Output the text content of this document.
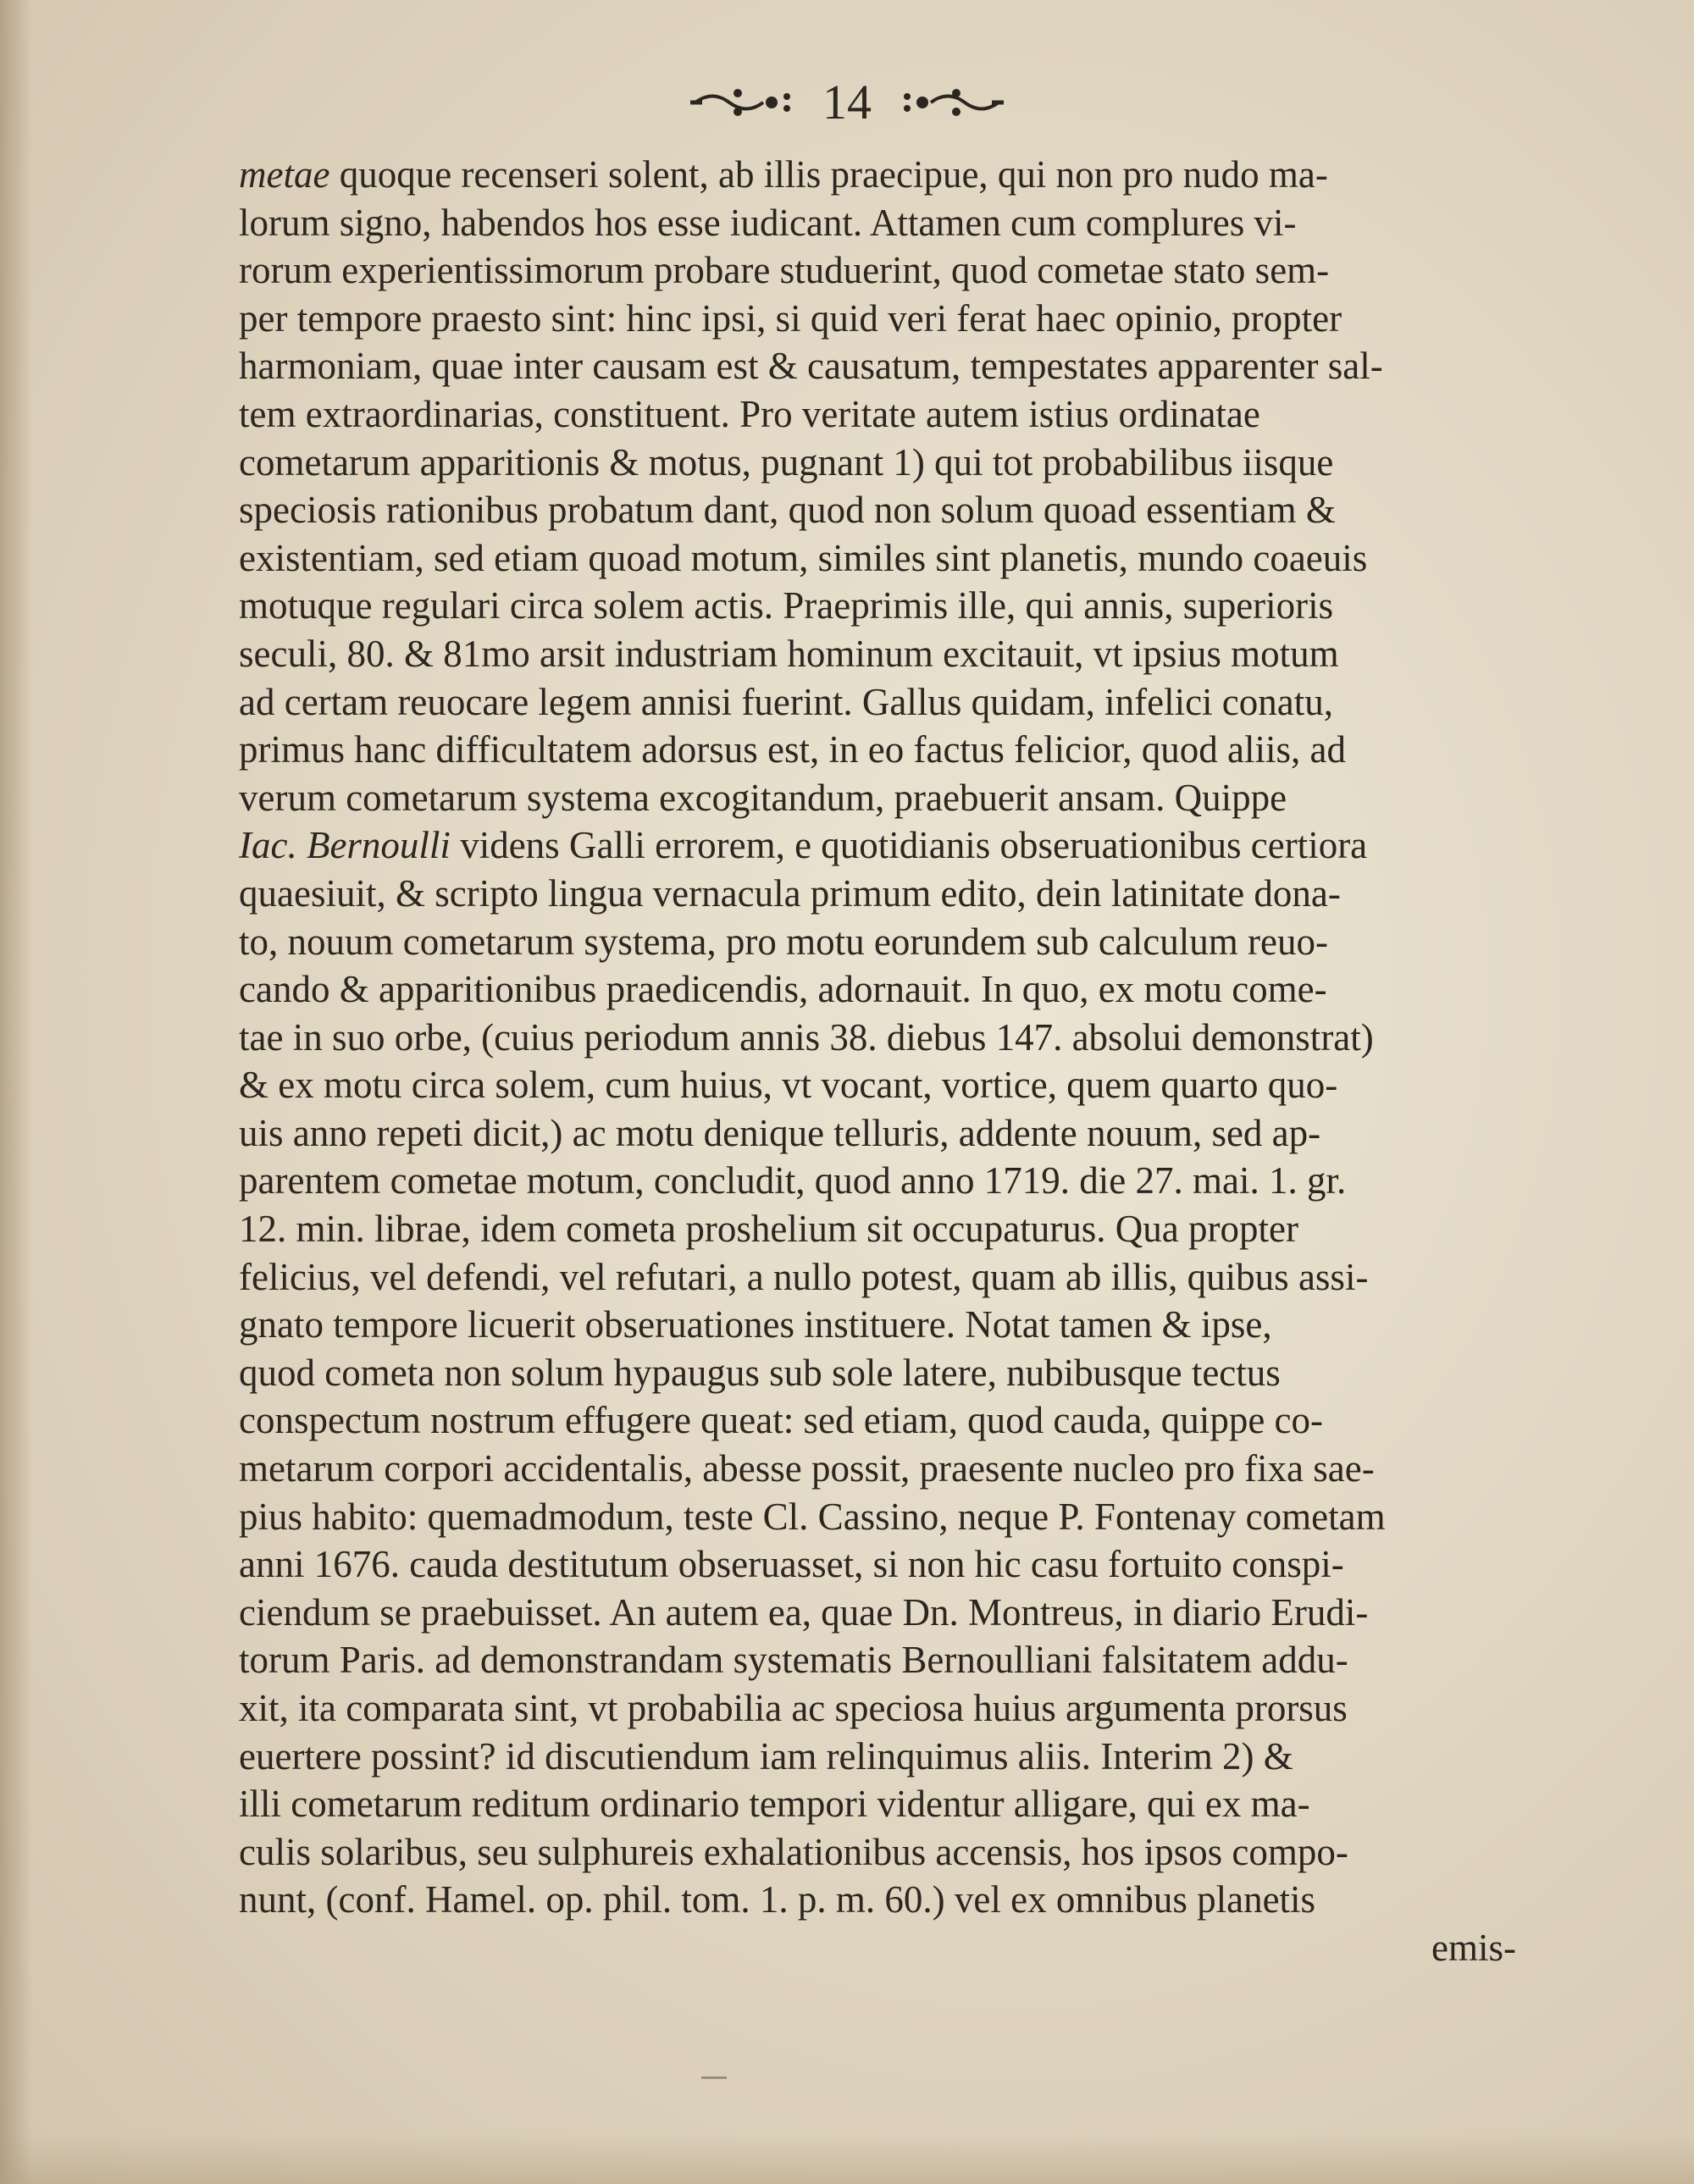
14
metae quoque recenseri solent, ab illis praecipue, qui non pro nudo ma-
lorum signo, habendos hos esse iudicant. Attamen cum complures vi-
rorum experientissimorum probare studuerint, quod cometae stato sem-
per tempore praesto sint: hinc ipsi, si quid veri ferat haec opinio, propter
harmoniam, quae inter causam est & causatum, tempestates apparenter sal-
tem extraordinarias, constituent. Pro veritate autem istius ordinatae
cometarum apparitionis & motus, pugnant 1) qui tot probabilibus iisque
speciosis rationibus probatum dant, quod non solum quoad essentiam &
existentiam, sed etiam quoad motum, similes sint planetis, mundo coaeuis
motuque regulari circa solem actis. Praeprimis ille, qui annis, superioris
seculi, 80. & 81mo arsit industriam hominum excitauit, vt ipsius motum
ad certam reuocare legem annisi fuerint. Gallus quidam, infelici conatu,
primus hanc difficultatem adorsus est, in eo factus felicior, quod aliis, ad
verum cometarum systema excogitandum, praebuerit ansam. Quippe
Iac. Bernoulli videns Galli errorem, e quotidianis obseruationibus certiora
quaesiuit, & scripto lingua vernacula primum edito, dein latinitate dona-
to, nouum cometarum systema, pro motu eorundem sub calculum reuo-
cando & apparitionibus praedicendis, adornauit. In quo, ex motu come-
tae in suo orbe, (cuius periodum annis 38. diebus 147. absolui demonstrat)
& ex motu circa solem, cum huius, vt vocant, vortice, quem quarto quo-
uis anno repeti dicit,) ac motu denique telluris, addente nouum, sed ap-
parentem cometae motum, concludit, quod anno 1719. die 27. mai. 1. gr.
12. min. librae, idem cometa proshelium sit occupaturus. Qua propter
felicius, vel defendi, vel refutari, a nullo potest, quam ab illis, quibus assi-
gnato tempore licuerit obseruationes instituere. Notat tamen & ipse,
quod cometa non solum hypaugus sub sole latere, nubibusque tectus
conspectum nostrum effugere queat: sed etiam, quod cauda, quippe co-
metarum corpori accidentalis, abesse possit, praesente nucleo pro fixa sae-
pius habito: quemadmodum, teste Cl. Cassino, neque P. Fontenay cometam
anni 1676. cauda destitutum obseruasset, si non hic casu fortuito conspi-
ciendum se praebuisset. An autem ea, quae Dn. Montreus, in diario Erudi-
torum Paris. ad demonstrandam systematis Bernoulliani falsitatem addu-
xit, ita comparata sint, vt probabilia ac speciosa huius argumenta prorsus
euertere possint? id discutiendum iam relinquimus aliis. Interim 2) &
illi cometarum reditum ordinario tempori videntur alligare, qui ex ma-
culis solaribus, seu sulphureis exhalationibus accensis, hos ipsos compo-
nunt, (conf. Hamel. op. phil. tom. 1. p. m. 60.) vel ex omnibus planetis
emis-
